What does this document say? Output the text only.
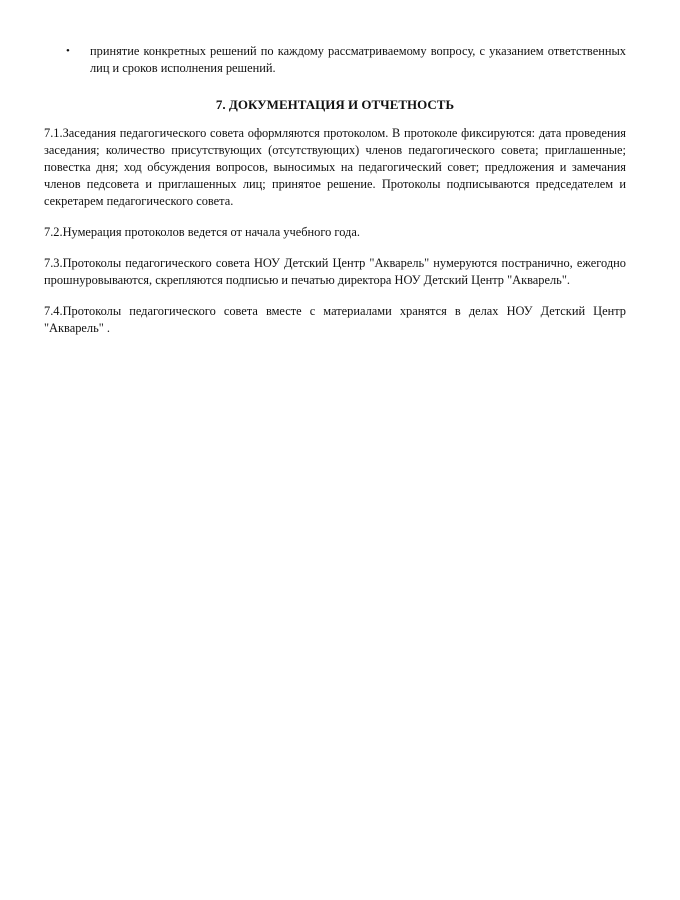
• принятие конкретных решений по каждому рассматриваемому вопросу, с указанием ответственных лиц и сроков исполнения решений.
7. ДОКУМЕНТАЦИЯ И ОТЧЕТНОСТЬ

7.1.Заседания педагогического совета оформляются протоколом. В протоколе фиксируются: дата проведения заседания; количество присутствующих (отсутствующих) членов педагогического совета; приглашенные; повестка дня; ход обсуждения вопросов, выносимых на педагогический совет; предложения и замечания членов педсовета и приглашенных лиц; принятое решение. Протоколы подписываются председателем и секретарем педагогического совета.

7.2.Нумерация протоколов ведется от начала учебного года.

7.3.Протоколы педагогического совета НОУ Детский Центр "Акварель" нумеруются постранично, ежегодно прошнуровываются, скрепляются подписью и печатью директора НОУ Детский Центр "Акварель".

7.4.Протоколы педагогического совета вместе с материалами хранятся в делах НОУ Детский Центр "Акварель" .
